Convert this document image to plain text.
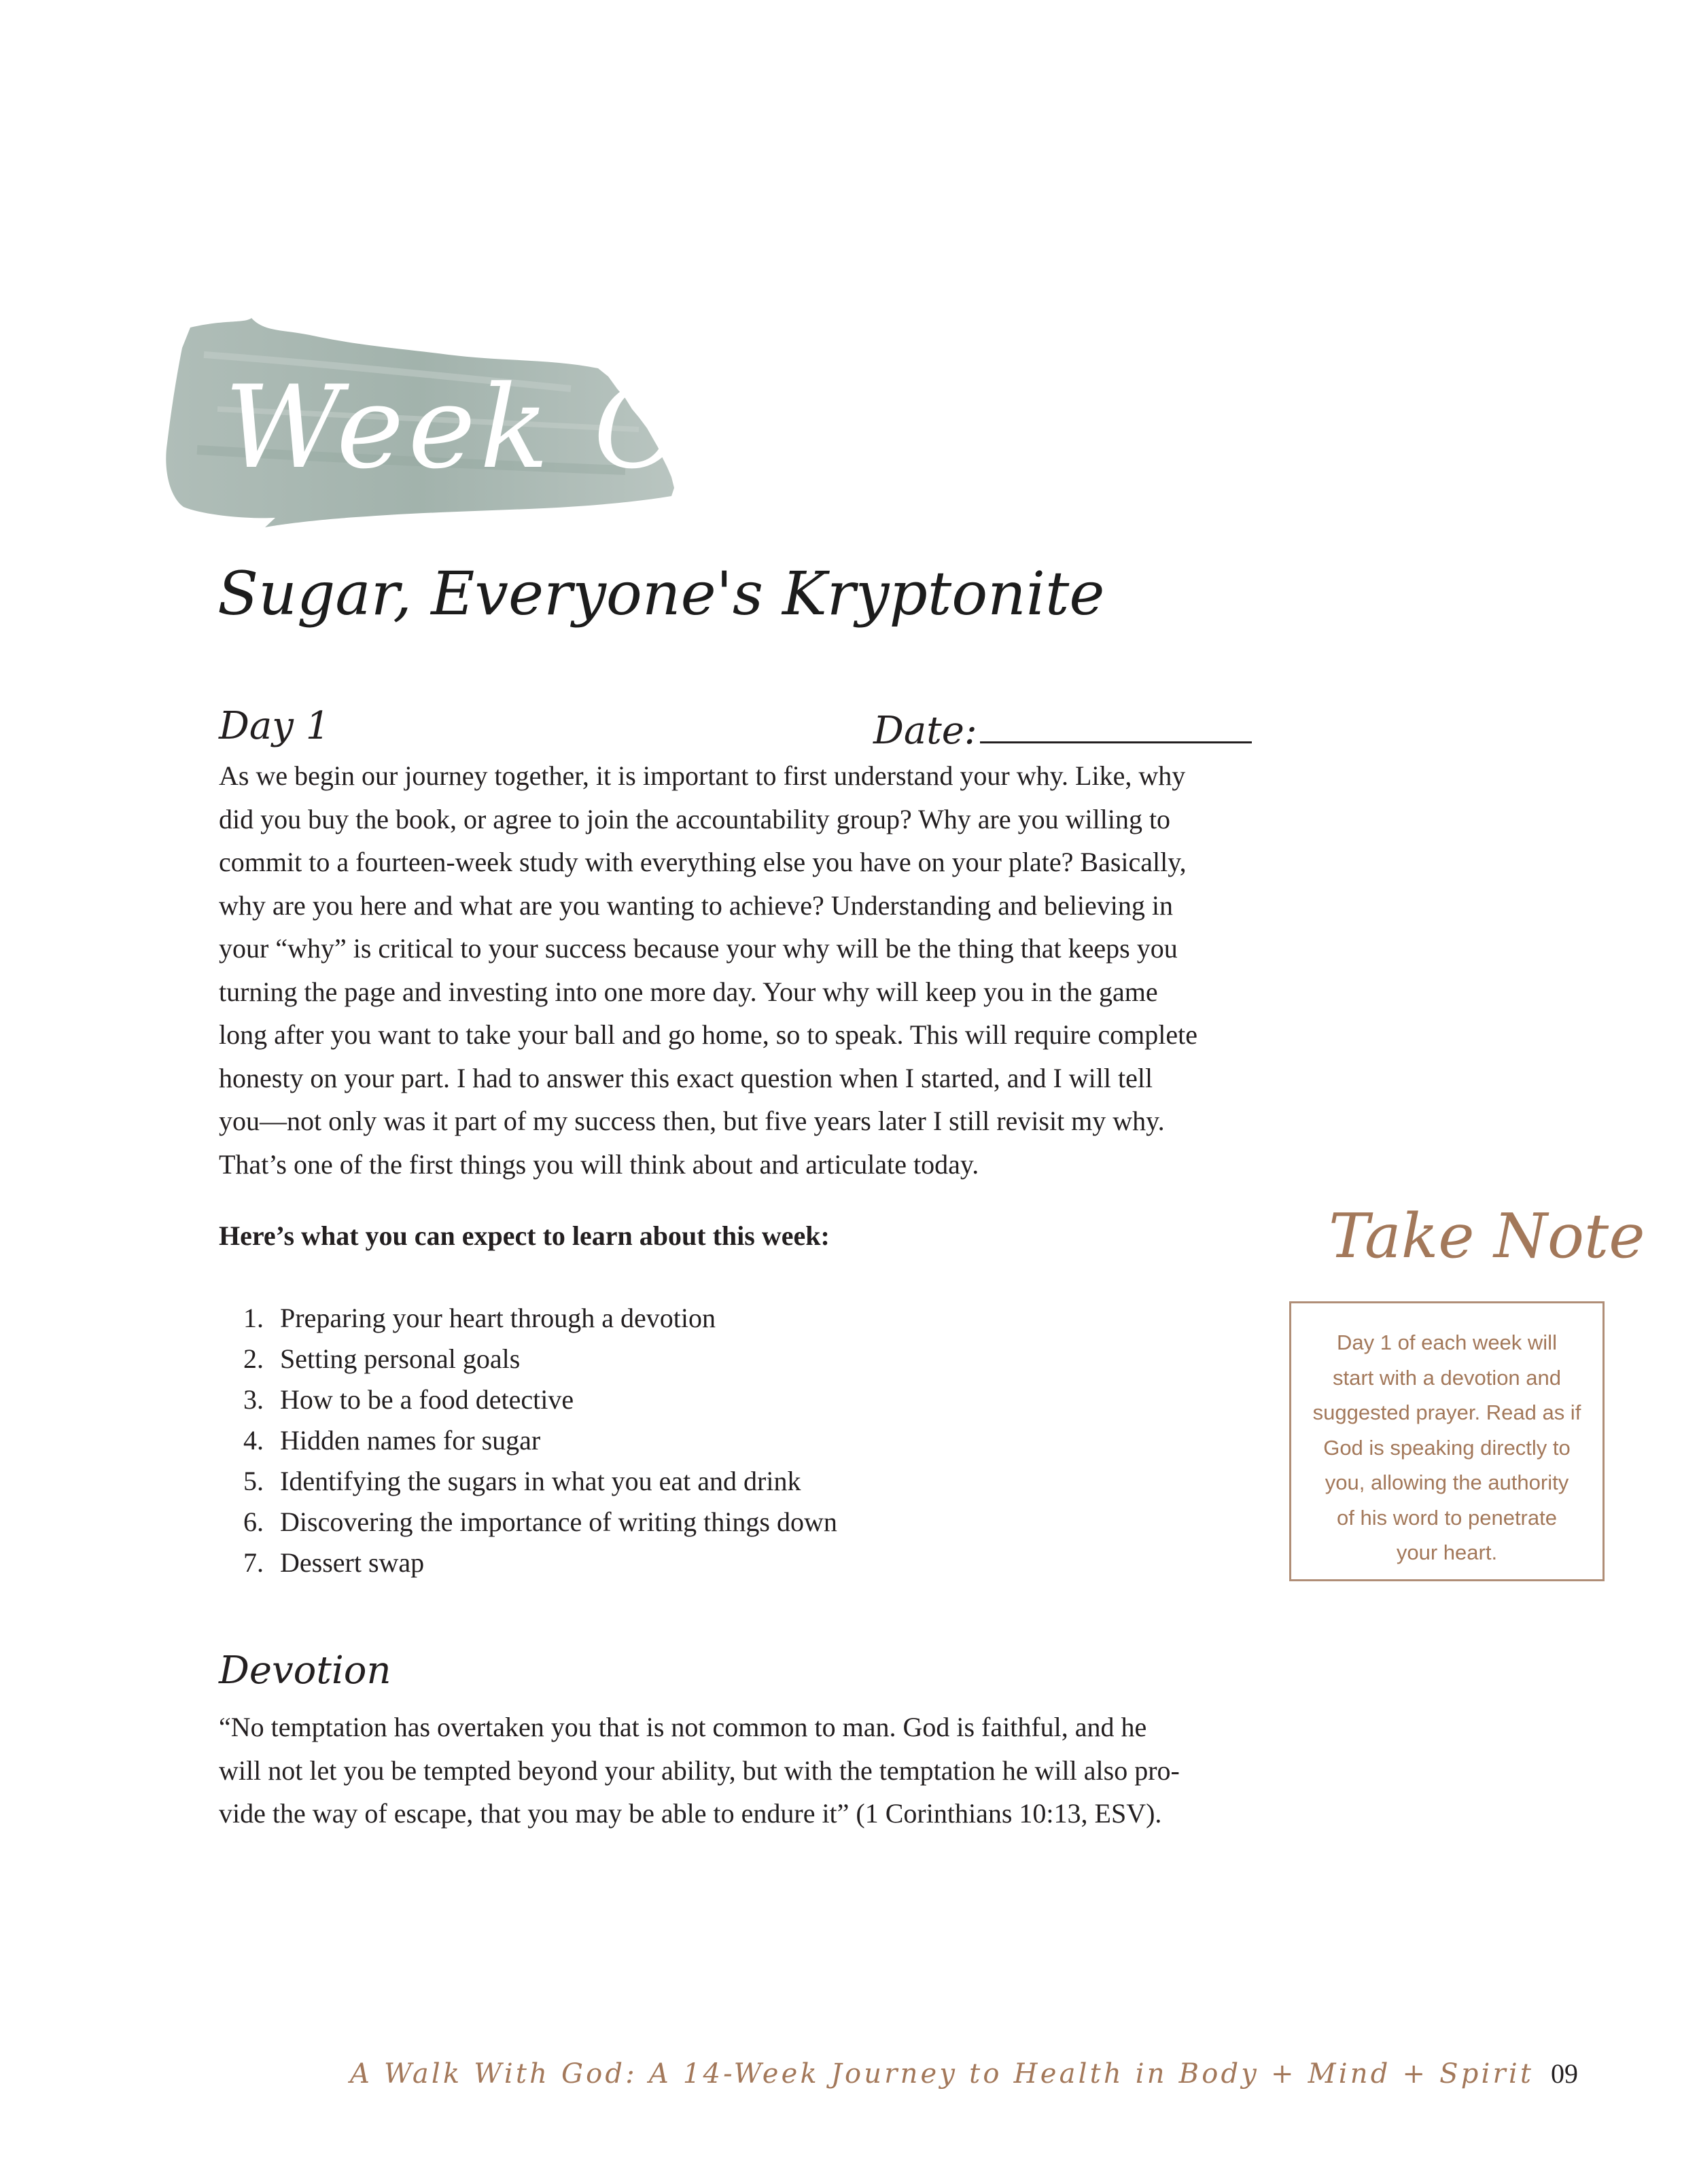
Week One
Sugar, Everyone's Kryptonite
Day 1	Date:

As we begin our journey together, it is important to first understand your why. Like, why
did you buy the book, or agree to join the accountability group? Why are you willing to
commit to a fourteen-week study with everything else you have on your plate? Basically,
why are you here and what are you wanting to achieve? Understanding and believing in
your “why” is critical to your success because your why will be the thing that keeps you
turning the page and investing into one more day. Your why will keep you in the game
long after you want to take your ball and go home, so to speak. This will require complete
honesty on your part. I had to answer this exact question when I started, and I will tell
you—not only was it part of my success then, but five years later I still revisit my why.
That’s one of the first things you will think about and articulate today.

Here’s what you can expect to learn about this week:
1. Preparing your heart through a devotion
2. Setting personal goals
3. How to be a food detective
4. Hidden names for sugar
5. Identifying the sugars in what you eat and drink
6. Discovering the importance of writing things down
7. Dessert swap
Devotion

“No temptation has overtaken you that is not common to man. God is faithful, and he
will not let you be tempted beyond your ability, but with the temptation he will also pro-
vide the way of escape, that you may be able to endure it” (1 Corinthians 10:13, ESV).

Take Note

Day 1 of each week will
start with a devotion and
suggested prayer. Read as if
God is speaking directly to
you, allowing the authority
of his word to penetrate
your heart.

A Walk With God: A 14-Week Journey to Health in Body + Mind + Spirit 09
